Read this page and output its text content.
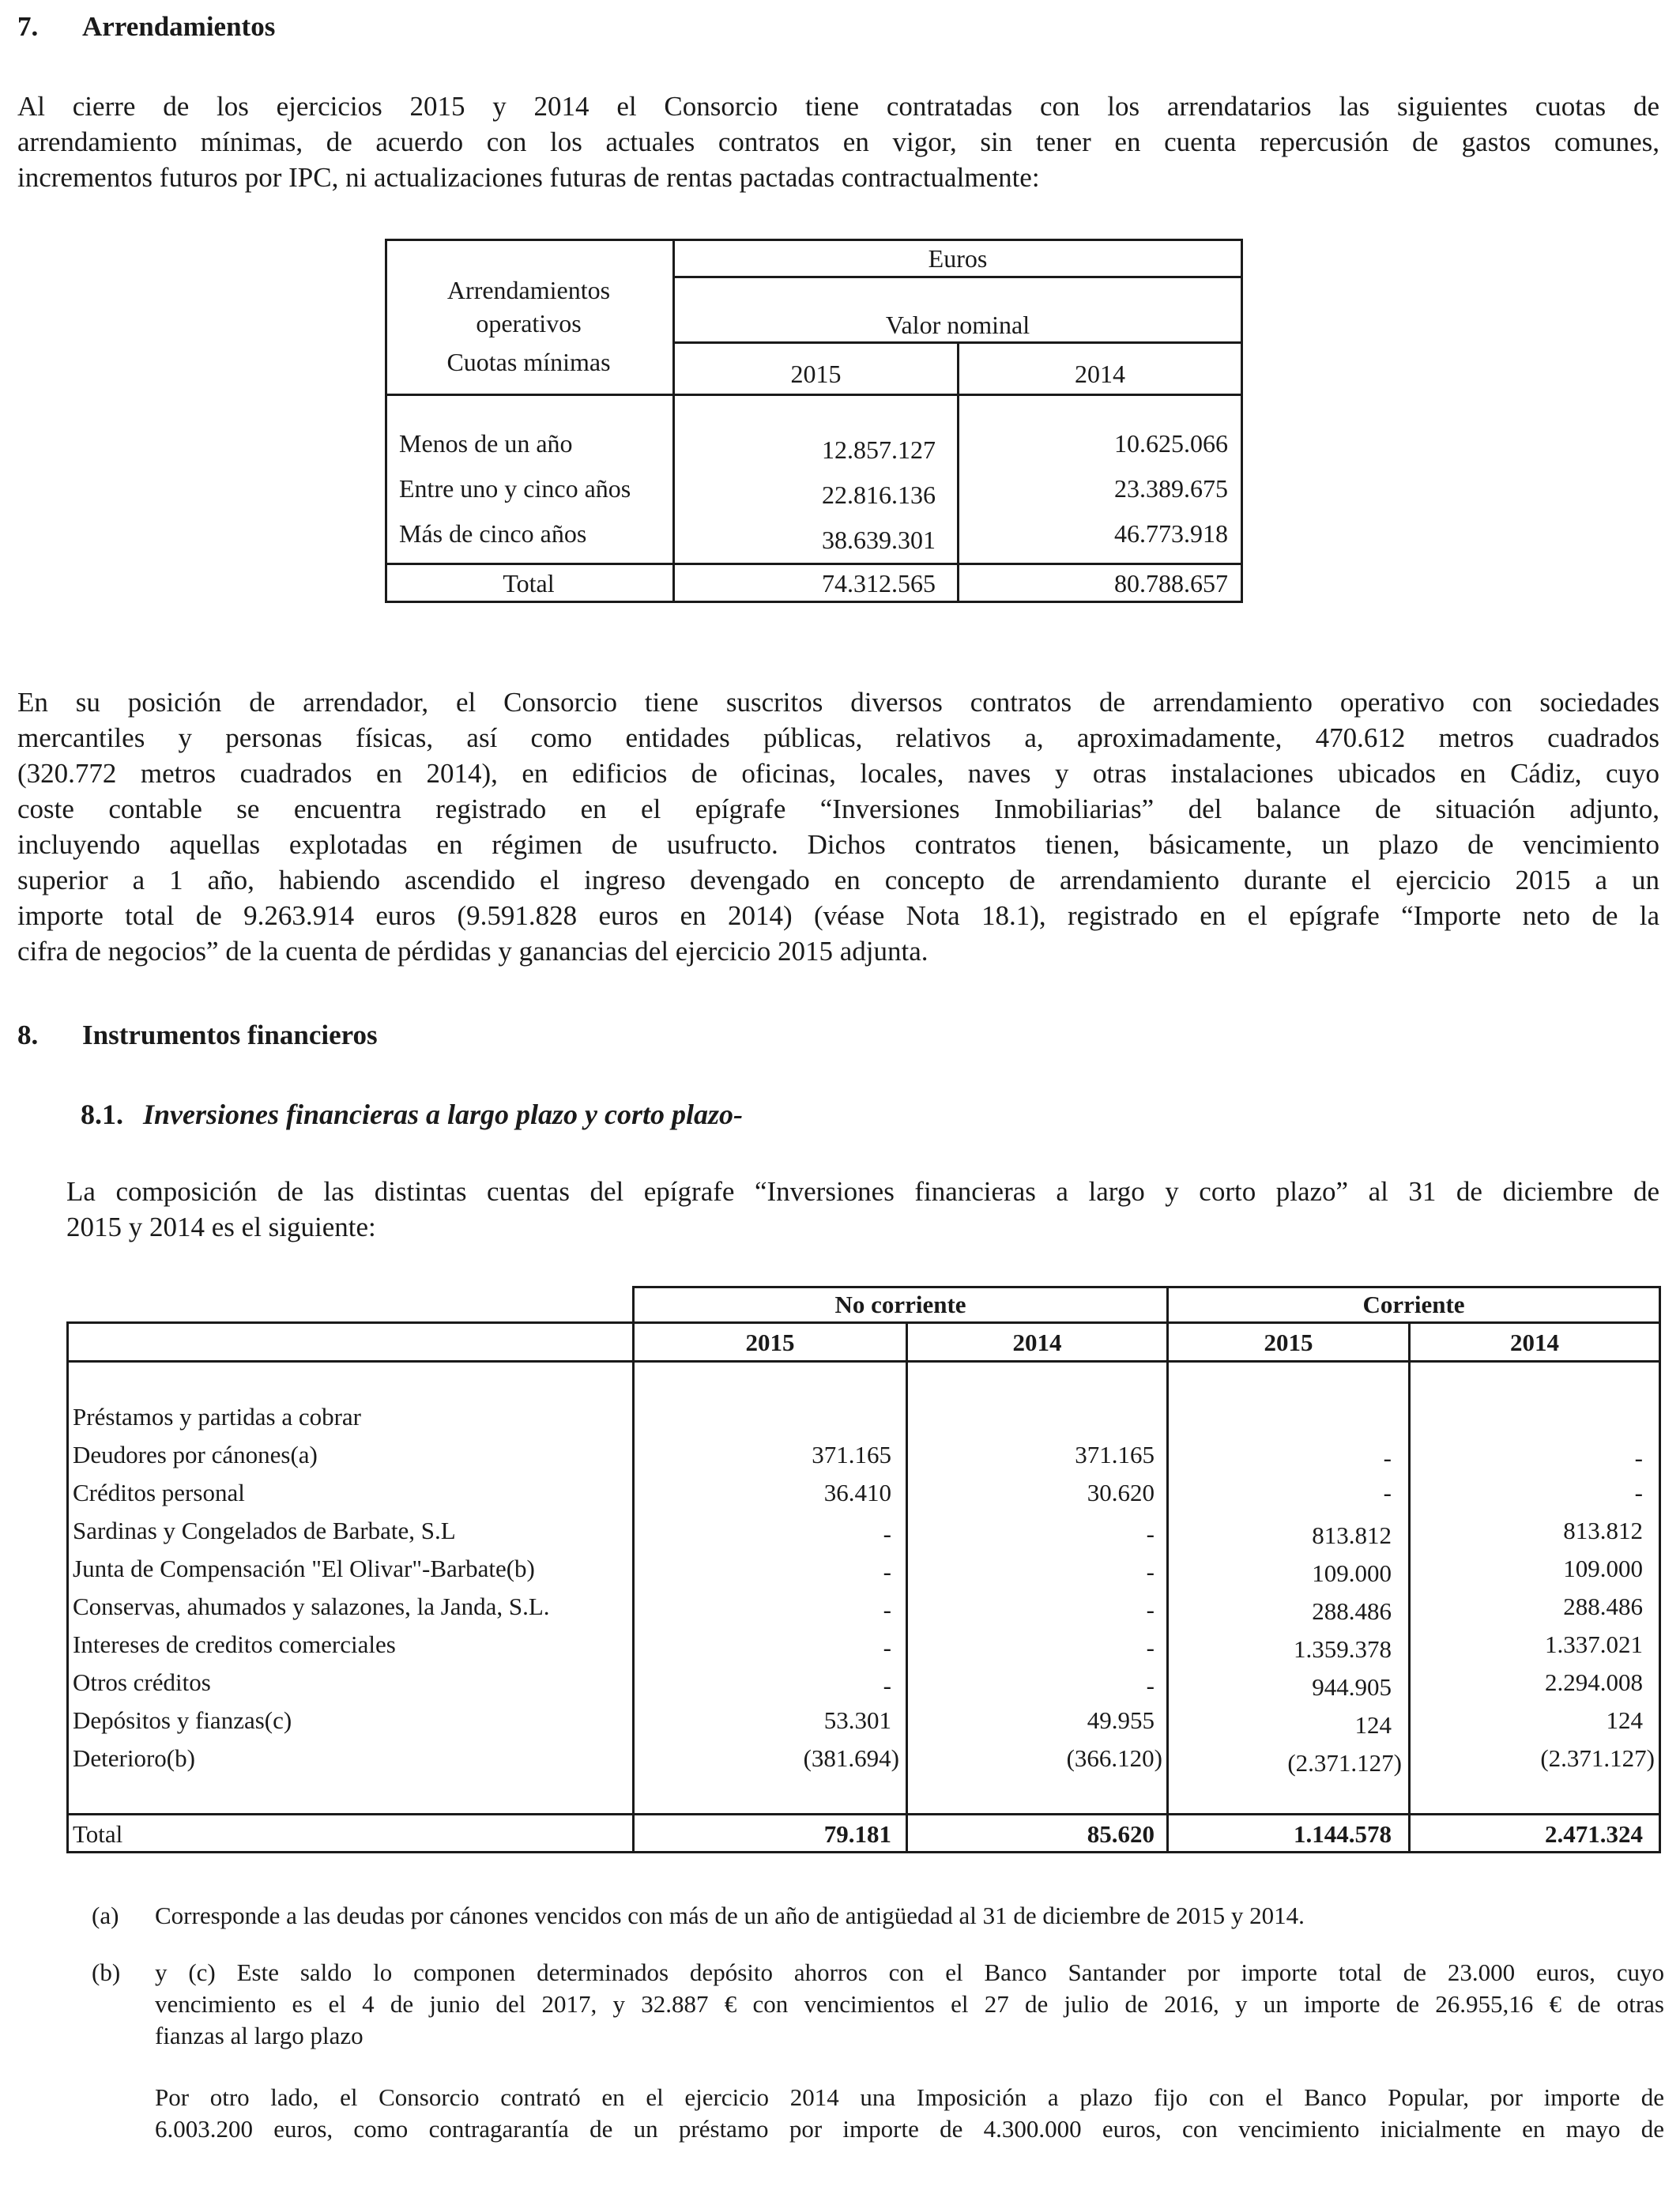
7. Arrendamientos
Al cierre de los ejercicios 2015 y 2014 el Consorcio tiene contratadas con los arrendatarios las siguientes cuotas de
arrendamiento mínimas, de acuerdo con los actuales contratos en vigor, sin tener en cuenta repercusión de gastos comunes,
incrementos futuros por IPC, ni actualizaciones futuras de rentas pactadas contractualmente:
Arrendamientos
operativos
Cuotas mínimas
Euros
Valor nominal
2015	2014
Menos de un año	12.857.127	10.625.066
Entre uno y cinco años	22.816.136	23.389.675
Más de cinco años	38.639.301	46.773.918
Total	74.312.565	80.788.657
En su posición de arrendador, el Consorcio tiene suscritos diversos contratos de arrendamiento operativo con sociedades
mercantiles y personas físicas, así como entidades públicas, relativos a, aproximadamente, 470.612 metros cuadrados
(320.772 metros cuadrados en 2014), en edificios de oficinas, locales, naves y otras instalaciones ubicados en Cádiz, cuyo
coste contable se encuentra registrado en el epígrafe “Inversiones Inmobiliarias” del balance de situación adjunto,
incluyendo aquellas explotadas en régimen de usufructo. Dichos contratos tienen, básicamente, un plazo de vencimiento
superior a 1 año, habiendo ascendido el ingreso devengado en concepto de arrendamiento durante el ejercicio 2015 a un
importe total de 9.263.914 euros (9.591.828 euros en 2014) (véase Nota 18.1), registrado en el epígrafe “Importe neto de la
cifra de negocios” de la cuenta de pérdidas y ganancias del ejercicio 2015 adjunta.
8. Instrumentos financieros
8.1. Inversiones financieras a largo plazo y corto plazo-
La composición de las distintas cuentas del epígrafe “Inversiones financieras a largo y corto plazo” al 31 de diciembre de
2015 y 2014 es el siguiente:
No corriente	Corriente
2015	2014	2015	2014
Préstamos y partidas a cobrar
Deudores por cánones(a)	371.165	371.165	-	-
Créditos personal	36.410	30.620	-	-
Sardinas y Congelados de Barbate, S.L	-	-	813.812	813.812
Junta de Compensación "El Olivar"-Barbate(b)	-	-	109.000	109.000
Conservas, ahumados y salazones, la Janda, S.L.	-	-	288.486	288.486
Intereses de creditos comerciales	-	-	1.359.378	1.337.021
Otros créditos	-	-	944.905	2.294.008
Depósitos y fianzas(c)	53.301	49.955	124	124
Deterioro(b)	(381.694)	(366.120)	(2.371.127)	(2.371.127)
Total	79.181	85.620	1.144.578	2.471.324
(a) Corresponde a las deudas por cánones vencidos con más de un año de antigüedad al 31 de diciembre de 2015 y 2014.
(b) y (c) Este saldo lo componen determinados depósito ahorros con el Banco Santander por importe total de 23.000 euros, cuyo
vencimiento es el 4 de junio del 2017, y 32.887 € con vencimientos el 27 de julio de 2016, y un importe de 26.955,16 € de otras
fianzas al largo plazo
Por otro lado, el Consorcio contrató en el ejercicio 2014 una Imposición a plazo fijo con el Banco Popular, por importe de
6.003.200 euros, como contragarantía de un préstamo por importe de 4.300.000 euros, con vencimiento inicialmente en mayo de
